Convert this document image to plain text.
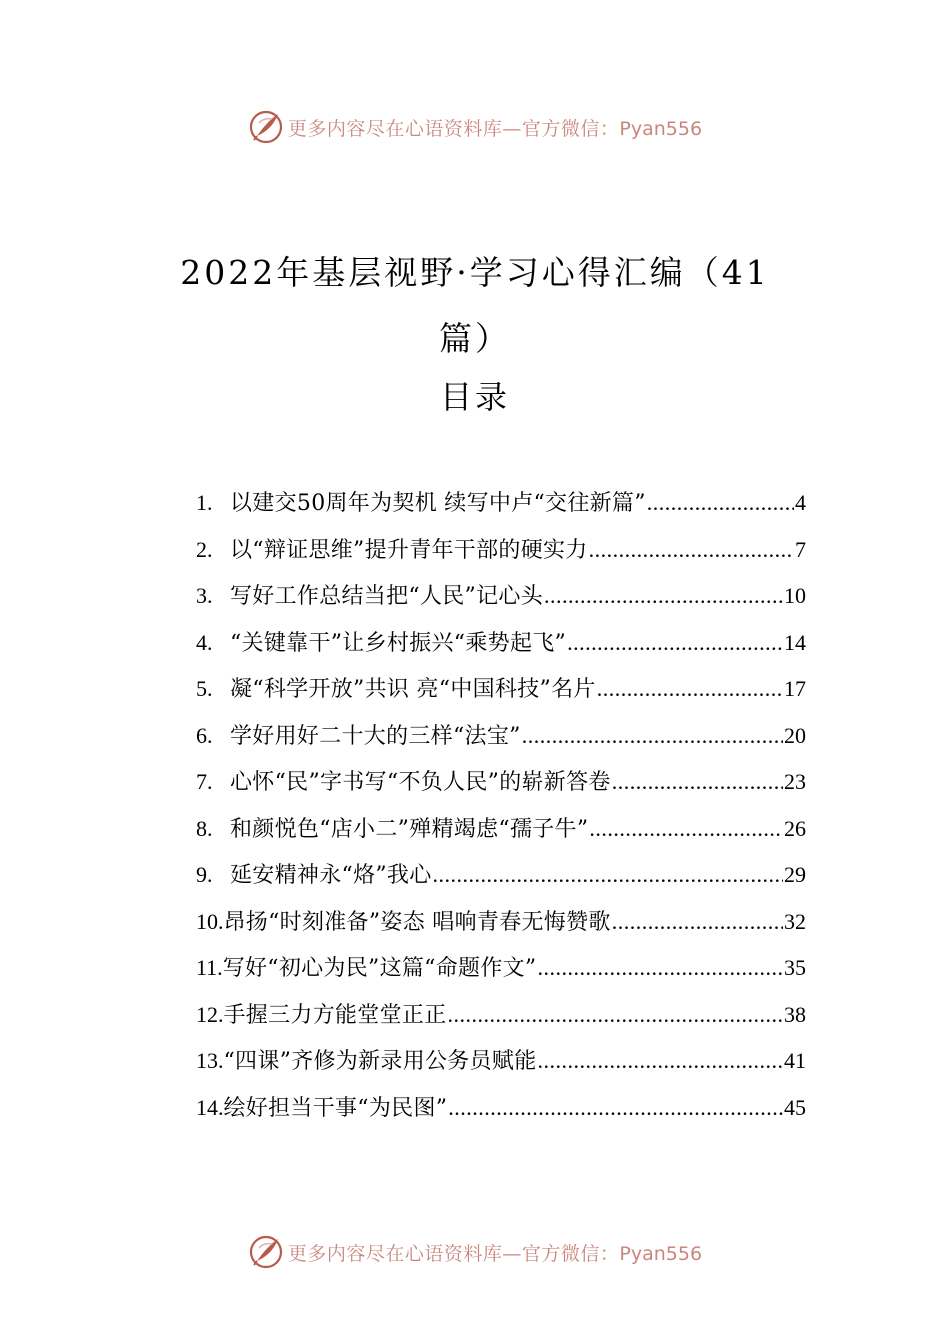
更多内容尽在心语资料库—官方微信：Pyan556
2022年基层视野·学习心得汇编（41
篇）
目录
1. 以建交50周年为契机 续写中卢“交往新篇” .....	4
2. 以“辩证思维”提升青年干部的硬实力 .....	7
3. 写好工作总结当把“人民”记心头 .....	10
4. “关键靠干”让乡村振兴“乘势起飞” .....	14
5. 凝“科学开放”共识 亮“中国科技”名片 .....	17
6. 学好用好二十大的三样“法宝” .....	20
7. 心怀“民”字书写“不负人民”的崭新答卷 .....	23
8. 和颜悦色“店小二”殚精竭虑“孺子牛” .....	26
9. 延安精神永“烙”我心 .....	29
10. 昂扬“时刻准备”姿态 唱响青春无悔赞歌 .....	32
11. 写好“初心为民”这篇“命题作文” .....	35
12. 手握三力方能堂堂正正 .....	38
13. “四课”齐修为新录用公务员赋能 .....	41
14. 绘好担当干事“为民图” .....	45
更多内容尽在心语资料库—官方微信：Pyan556
